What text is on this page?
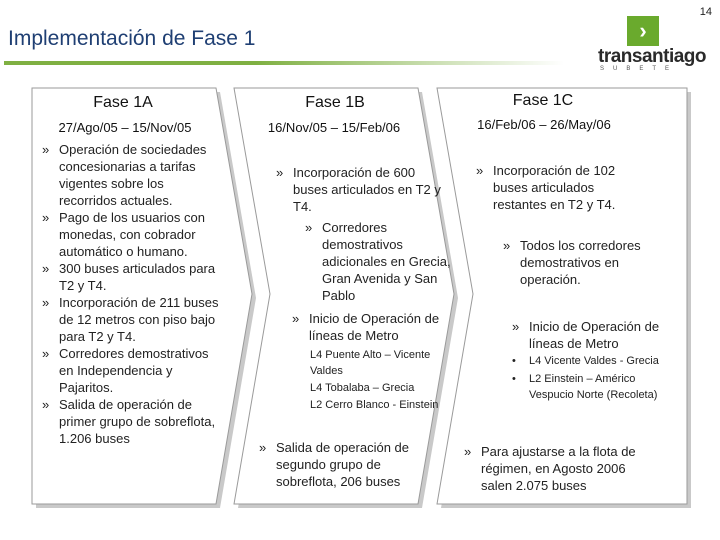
14
Implementación de Fase 1	›
transantiago
SUBETE
Fase 1A
27/Ago/05 – 15/Nov/05
» Operación de sociedades concesionarias a tarifas vigentes sobre los recorridos actuales.
» Pago de los usuarios con monedas, con cobrador automático o humano.
» 300 buses articulados para T2 y T4.
» Incorporación de 211 buses de 12 metros con piso bajo para T2 y T4.
» Corredores demostrativos en Independencia y Pajaritos.
» Salida de operación de primer grupo de sobreflota, 1.206 buses
Fase 1B
16/Nov/05 – 15/Feb/06
» Incorporación de 600 buses articulados en T2 y T4.
» Corredores demostrativos adicionales en Grecia, Gran Avenida y San Pablo
» Inicio de Operación de líneas de Metro
L4 Puente Alto – Vicente Valdes
L4 Tobalaba – Grecia
L2 Cerro Blanco - Einstein
» Salida de operación de segundo grupo de sobreflota, 206 buses
Fase 1C
16/Feb/06 – 26/May/06
» Incorporación de 102 buses articulados restantes en T2 y T4.
» Todos los corredores demostrativos en operación.
» Inicio de Operación de líneas de Metro
• L4 Vicente Valdes - Grecia
• L2 Einstein – Américo Vespucio Norte (Recoleta)
» Para ajustarse a la flota de régimen, en Agosto 2006 salen 2.075 buses
